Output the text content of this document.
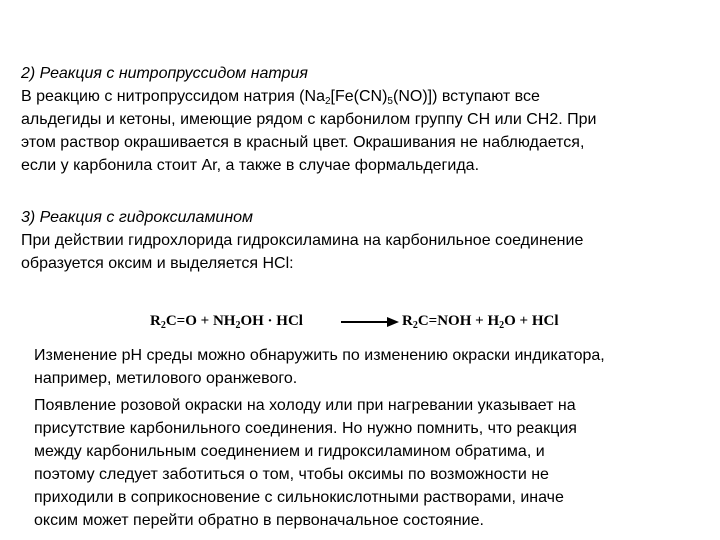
2) Реакция с нитропруссидом натрия
В реакцию с нитропруссидом натрия $(Na_2[Fe(CN)_5(NO)])$ вступают все
альдегиды и кетоны, имеющие рядом с карбонилом группу СН или СН2. При
этом раствор окрашивается в красный цвет. Окрашивания не наблюдается,
если у карбонила стоит Ar, а также в случае формальдегида.
3) Реакция с гидроксиламином
При действии гидрохлорида гидроксиламина на карбонильное соединение
образуется оксим и выделяется HCl:
$R_2C=O + NH_2OH$ · HCl	→ $R_2C=NOH + H_2O$ + HCl
Изменение рН среды можно обнаружить по изменению окраски индикатора,
например, метилового оранжевого.
Появление розовой окраски на холоду или при нагревании указывает на
присутствие карбонильного соединения. Но нужно помнить, что реакция
между карбонильным соединением и гидроксиламином обратима, и
поэтому следует заботиться о том, чтобы оксимы по возможности не
приходили в соприкосновение с сильнокислотными растворами, иначе
оксим может перейти обратно в первоначальное состояние.
